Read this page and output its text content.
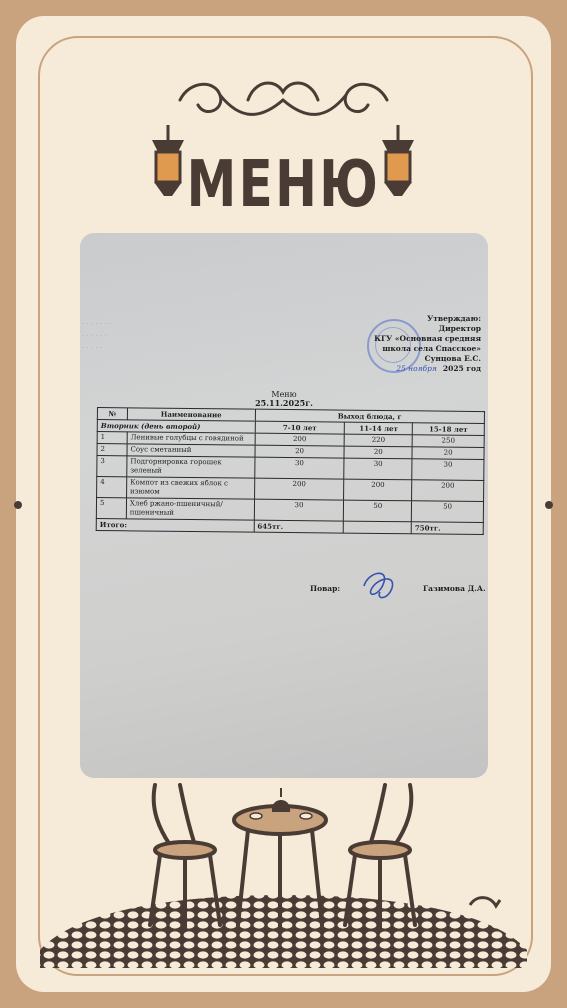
МЕНЮ
· · · · · · ·
· · · · · ·
· · · · ·
Утверждаю:
Директор
КГУ «Основная средняя
школа села Спасское»
Сунцова Е.С.
25 ноября 2025 год
Меню
25.11.2025г.
№	Наименование	Выход блюда, г		
Вторник (день второй)		7-10 лет	11-14 лет	15-18 лет
1	Ленивые голубцы с говядиной	200	220	250
2	Соус сметанный	20	20	20
3	Подгорнировка горошек зеленый	30	30	30
4	Компот из свежих яблок с изюмом	200	200	200
5	Хлеб ржано-пшеничный/пшеничный	30	50	50
Итого:		645тг.		750тг.
Повар:	Газимова Д.А.
